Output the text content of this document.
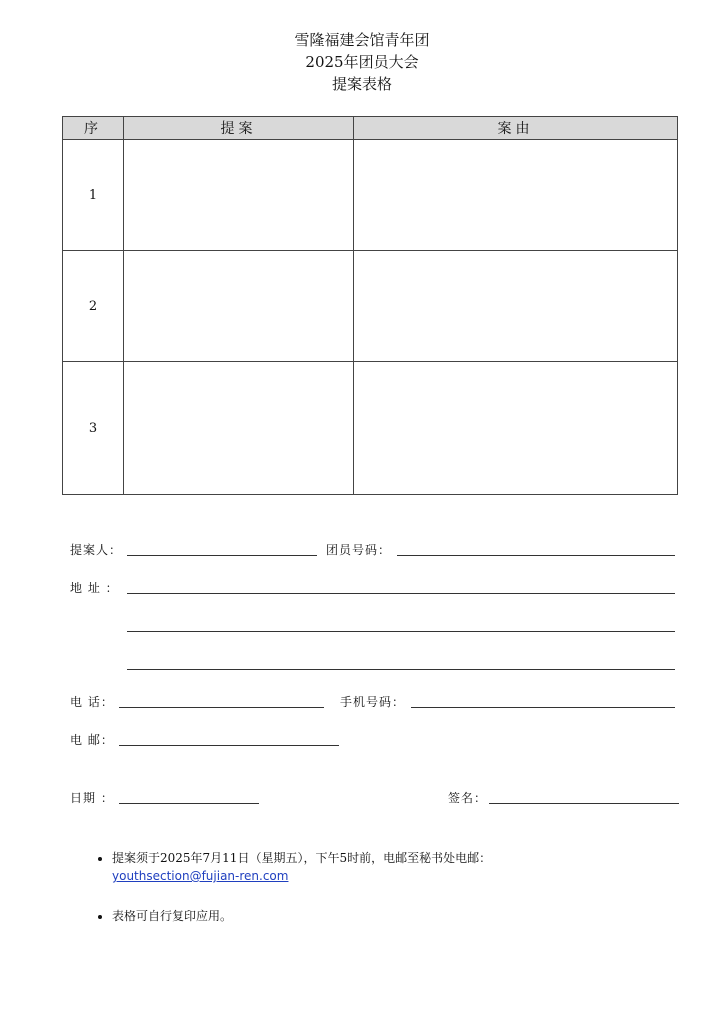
雪隆福建会馆青年团
2025年团员大会
提案表格
序	提案	案由
1		
2		
3		
提案人：	团员号码：
地 址 ：
电 话：	手机号码：
电 邮：
日期 ：	签名：
• 提案须于2025年7月11日（星期五），下午5时前，电邮至秘书处电邮：
youthsection@fujian-ren.com
• 表格可自行复印应用。
